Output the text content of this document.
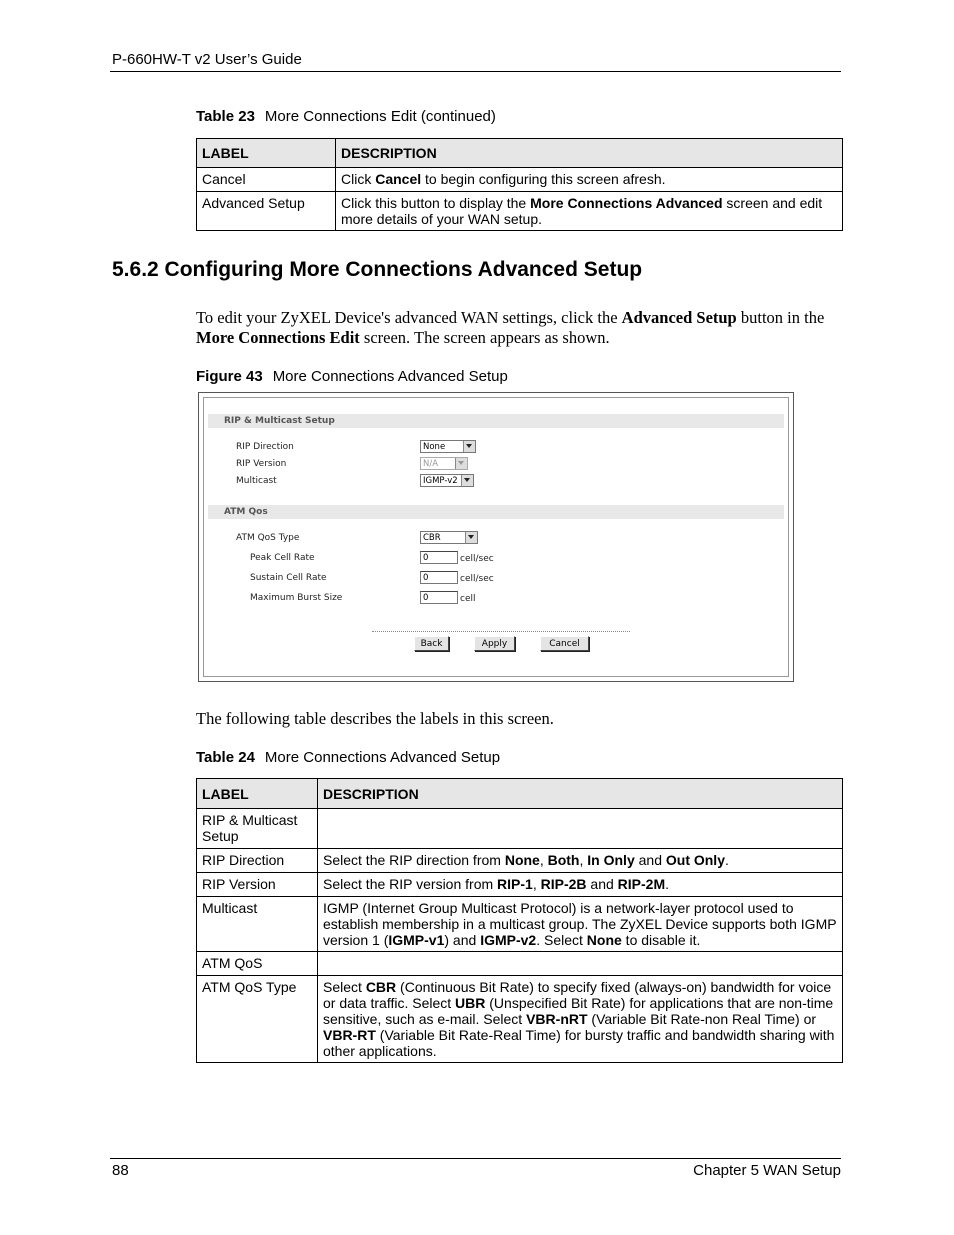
P-660HW-T v2 User’s Guide
Table 23 More Connections Edit (continued)
LABEL	DESCRIPTION
Cancel	Click Cancel to begin configuring this screen afresh.
Advanced Setup	Click this button to display the More Connections Advanced screen and edit more details of your WAN setup.
5.6.2 Configuring More Connections Advanced Setup
To edit your ZyXEL Device's advanced WAN settings, click the Advanced Setup button in the More Connections Edit screen. The screen appears as shown.
Figure 43 More Connections Advanced Setup
RIP & Multicast Setup
RIP Direction	None
RIP Version	N/A
Multicast	IGMP-v2
ATM Qos
ATM QoS Type	CBR
Peak Cell Rate	0	cell/sec
Sustain Cell Rate	0	cell/sec
Maximum Burst Size	0	cell
Back	Apply	Cancel
The following table describes the labels in this screen.
Table 24 More Connections Advanced Setup
LABEL	DESCRIPTION
RIP & Multicast Setup	
RIP Direction	Select the RIP direction from None, Both, In Only and Out Only.
RIP Version	Select the RIP version from RIP-1, RIP-2B and RIP-2M.
Multicast	IGMP (Internet Group Multicast Protocol) is a network-layer protocol used to establish membership in a multicast group. The ZyXEL Device supports both IGMP version 1 (IGMP-v1) and IGMP-v2. Select None to disable it.
ATM QoS	
ATM QoS Type	Select CBR (Continuous Bit Rate) to specify fixed (always-on) bandwidth for voice or data traffic. Select UBR (Unspecified Bit Rate) for applications that are non-time sensitive, such as e-mail. Select VBR-nRT (Variable Bit Rate-non Real Time) or VBR-RT (Variable Bit Rate-Real Time) for bursty traffic and bandwidth sharing with other applications.
88	Chapter 5 WAN Setup
